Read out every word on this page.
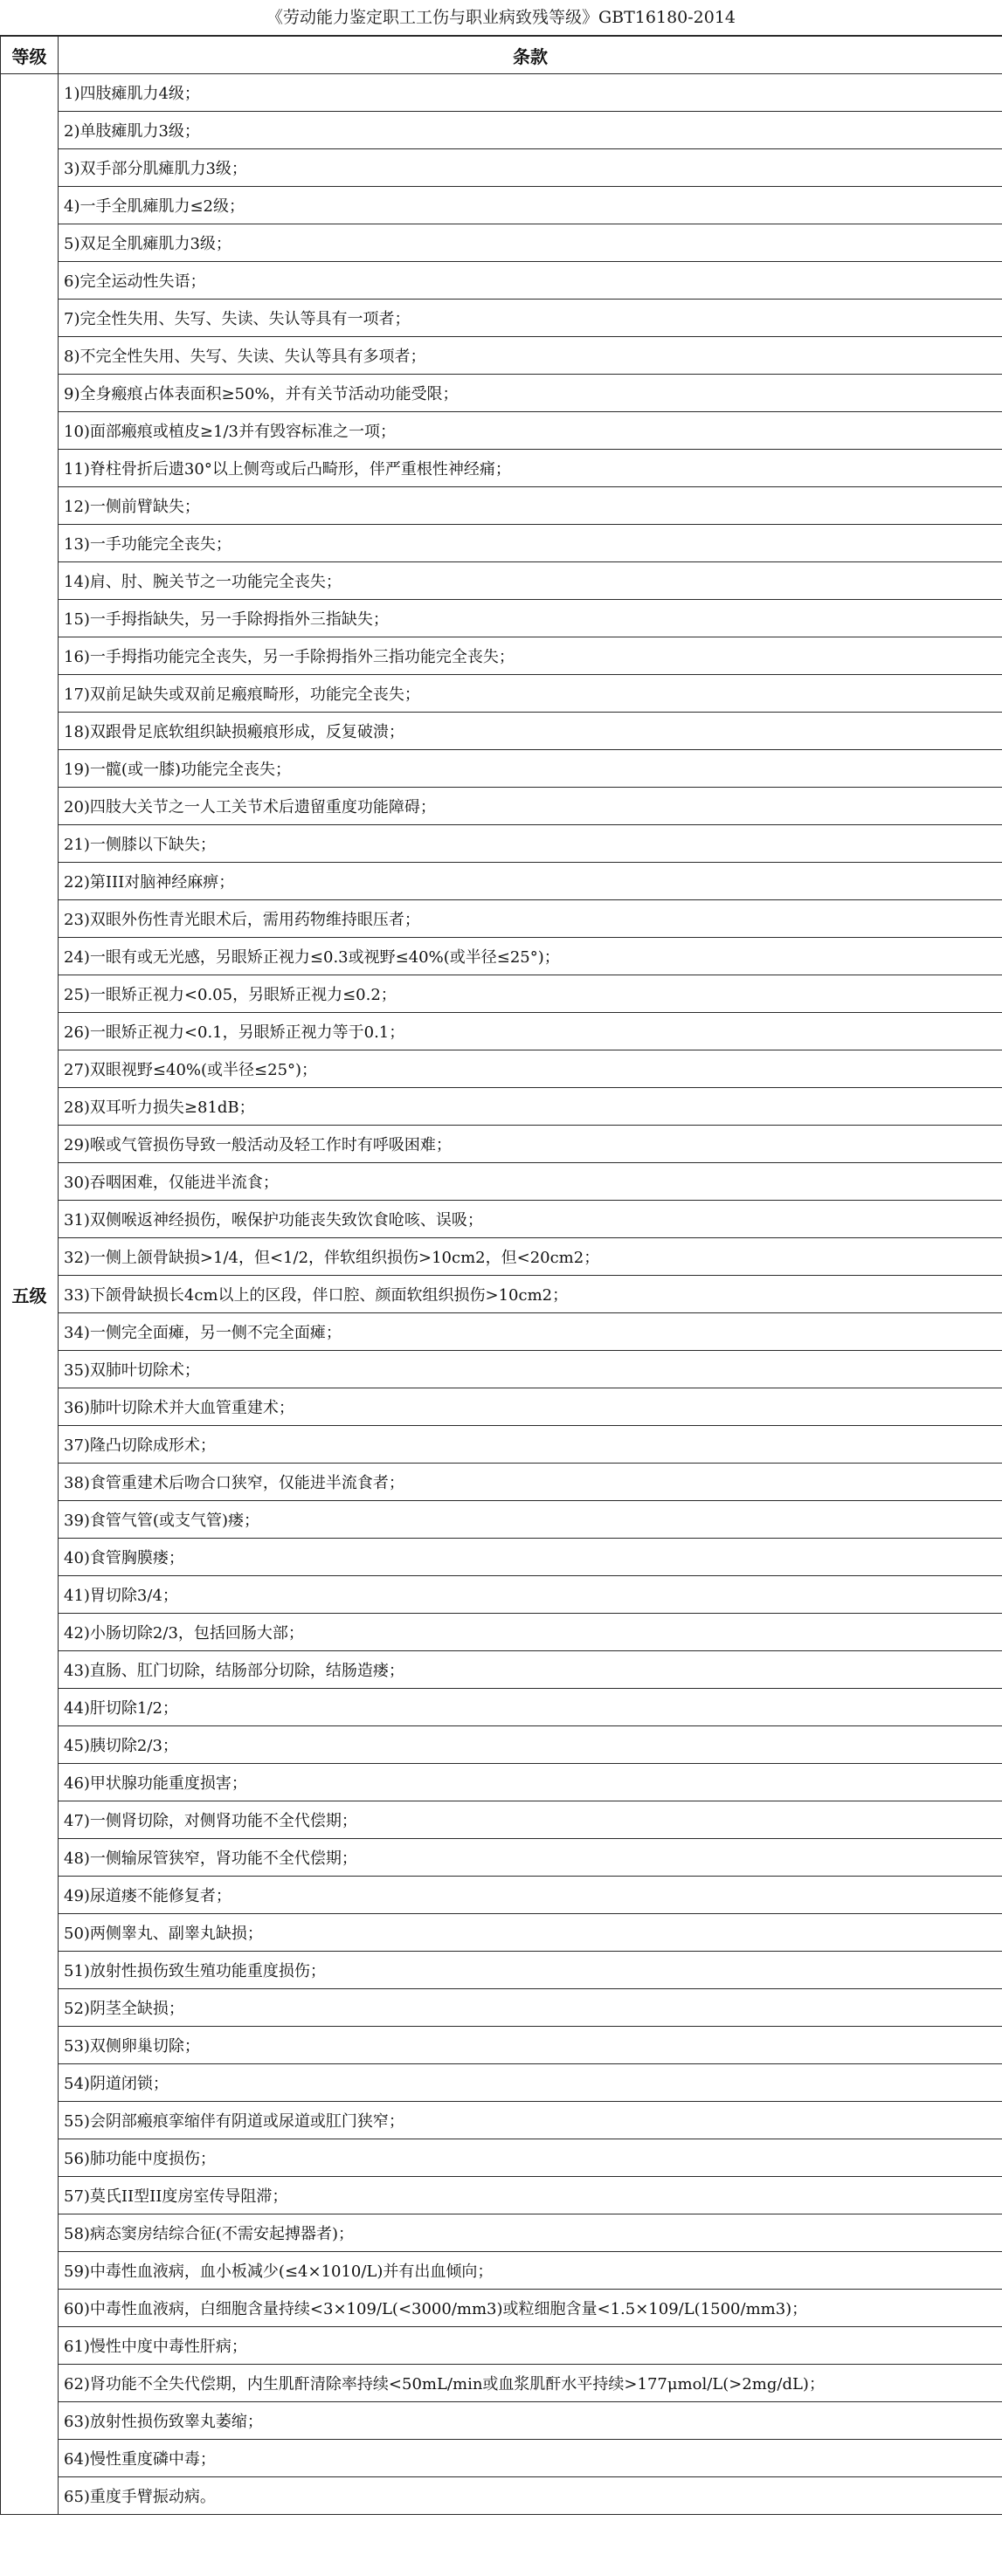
《劳动能力鉴定职工工伤与职业病致残等级》GBT16180-2014
等级	条款
五级	1)四肢瘫肌力4级；
	2)单肢瘫肌力3级；
	3)双手部分肌瘫肌力3级；
	4)一手全肌瘫肌力≤2级；
	5)双足全肌瘫肌力3级；
	6)完全运动性失语；
	7)完全性失用、失写、失读、失认等具有一项者；
	8)不完全性失用、失写、失读、失认等具有多项者；
	9)全身瘢痕占体表面积≥50%，并有关节活动功能受限；
	10)面部瘢痕或植皮≥1/3并有毁容标准之一项；
	11)脊柱骨折后遗30°以上侧弯或后凸畸形，伴严重根性神经痛；
	12)一侧前臂缺失；
	13)一手功能完全丧失；
	14)肩、肘、腕关节之一功能完全丧失；
	15)一手拇指缺失，另一手除拇指外三指缺失；
	16)一手拇指功能完全丧失，另一手除拇指外三指功能完全丧失；
	17)双前足缺失或双前足瘢痕畸形，功能完全丧失；
	18)双跟骨足底软组织缺损瘢痕形成，反复破溃；
	19)一髋(或一膝)功能完全丧失；
	20)四肢大关节之一人工关节术后遗留重度功能障碍；
	21)一侧膝以下缺失；
	22)第III对脑神经麻痹；
	23)双眼外伤性青光眼术后，需用药物维持眼压者；
	24)一眼有或无光感，另眼矫正视力≤0.3或视野≤40%(或半径≤25°)；
	25)一眼矫正视力<0.05，另眼矫正视力≤0.2；
	26)一眼矫正视力<0.1，另眼矫正视力等于0.1；
	27)双眼视野≤40%(或半径≤25°)；
	28)双耳听力损失≥81dB；
	29)喉或气管损伤导致一般活动及轻工作时有呼吸困难；
	30)吞咽困难，仅能进半流食；
	31)双侧喉返神经损伤，喉保护功能丧失致饮食呛咳、误吸；
	32)一侧上颌骨缺损>1/4，但<1/2，伴软组织损伤>10cm2，但<20cm2；
	33)下颌骨缺损长4cm以上的区段，伴口腔、颜面软组织损伤>10cm2；
	34)一侧完全面瘫，另一侧不完全面瘫；
	35)双肺叶切除术；
	36)肺叶切除术并大血管重建术；
	37)隆凸切除成形术；
	38)食管重建术后吻合口狭窄，仅能进半流食者；
	39)食管气管(或支气管)瘘；
	40)食管胸膜瘘；
	41)胃切除3/4；
	42)小肠切除2/3，包括回肠大部；
	43)直肠、肛门切除，结肠部分切除，结肠造瘘；
	44)肝切除1/2；
	45)胰切除2/3；
	46)甲状腺功能重度损害；
	47)一侧肾切除，对侧肾功能不全代偿期；
	48)一侧输尿管狭窄，肾功能不全代偿期；
	49)尿道瘘不能修复者；
	50)两侧睾丸、副睾丸缺损；
	51)放射性损伤致生殖功能重度损伤；
	52)阴茎全缺损；
	53)双侧卵巢切除；
	54)阴道闭锁；
	55)会阴部瘢痕挛缩伴有阴道或尿道或肛门狭窄；
	56)肺功能中度损伤；
	57)莫氏II型II度房室传导阻滞；
	58)病态窦房结综合征(不需安起搏器者)；
	59)中毒性血液病，血小板减少(≤4×1010/L)并有出血倾向；
	60)中毒性血液病，白细胞含量持续<3×109/L(<3000/mm3)或粒细胞含量<1.5×109/L(1500/mm3)；
	61)慢性中度中毒性肝病；
	62)肾功能不全失代偿期，内生肌酐清除率持续<50mL/min或血浆肌酐水平持续>177μmol/L(>2mg/dL)；
	63)放射性损伤致睾丸萎缩；
	64)慢性重度磷中毒；
	65)重度手臂振动病。
